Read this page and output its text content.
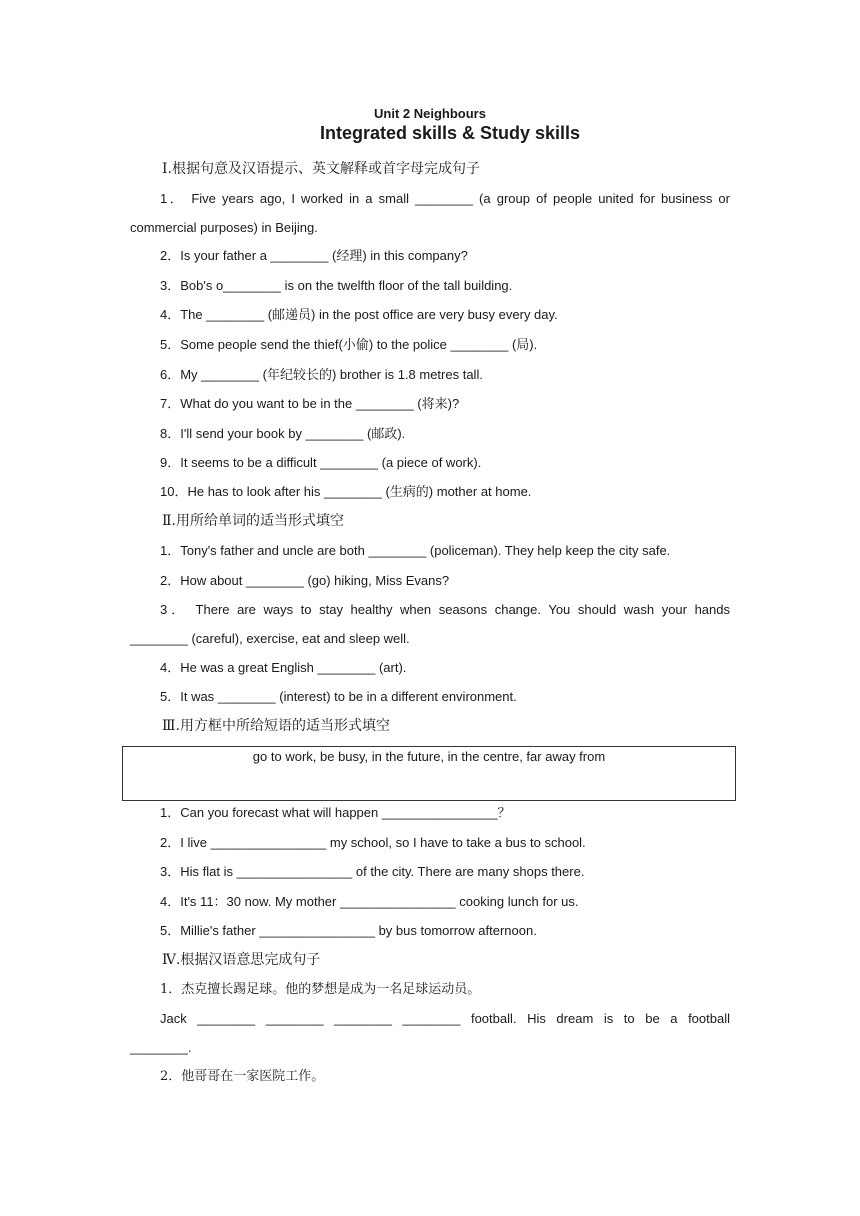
Unit 2 Neighbours
Integrated skills & Study skills
Ⅰ.根据句意及汉语提示、英文解释或首字母完成句子
1． Five years ago, I worked in a small ________ (a group of people united for business or
commercial purposes) in Beijing.
2．Is your father a ________ (经理) in this company?
3．Bob's o________ is on the twelfth floor of the tall building.
4．The ________ (邮递员) in the post office are very busy every day.
5．Some people send the thief(小偷) to the police ________ (局).
6．My ________ (年纪较长的) brother is 1.8 metres tall.
7．What do you want to be in the ________ (将来)?
8．I'll send your book by ________ (邮政).
9．It seems to be a difficult ________ (a piece of work).
10．He has to look after his ________ (生病的) mother at home.
Ⅱ.用所给单词的适当形式填空
1．Tony's father and uncle are both ________ (policeman). They help keep the city safe.
2．How about ________ (go) hiking, Miss Evans?
3． There are ways to stay healthy when seasons change. You should wash your hands
________ (careful), exercise, eat and sleep well.
4．He was a great English ________ (art).
5．It was ________ (interest) to be in a different environment.
Ⅲ.用方框中所给短语的适当形式填空
go to work, be busy, in the future, in the centre, far away from
1．Can you forecast what will happen ________________？
2．I live ________________ my school, so I have to take a bus to school.
3．His flat is ________________ of the city. There are many shops there.
4．It's 11：30 now. My mother ________________ cooking lunch for us.
5．Millie's father ________________ by bus tomorrow afternoon.
Ⅳ.根据汉语意思完成句子
1．杰克擅长踢足球。他的梦想是成为一名足球运动员。
Jack ________ ________ ________ ________ football. His dream is to be a football
________.
2．他哥哥在一家医院工作。
